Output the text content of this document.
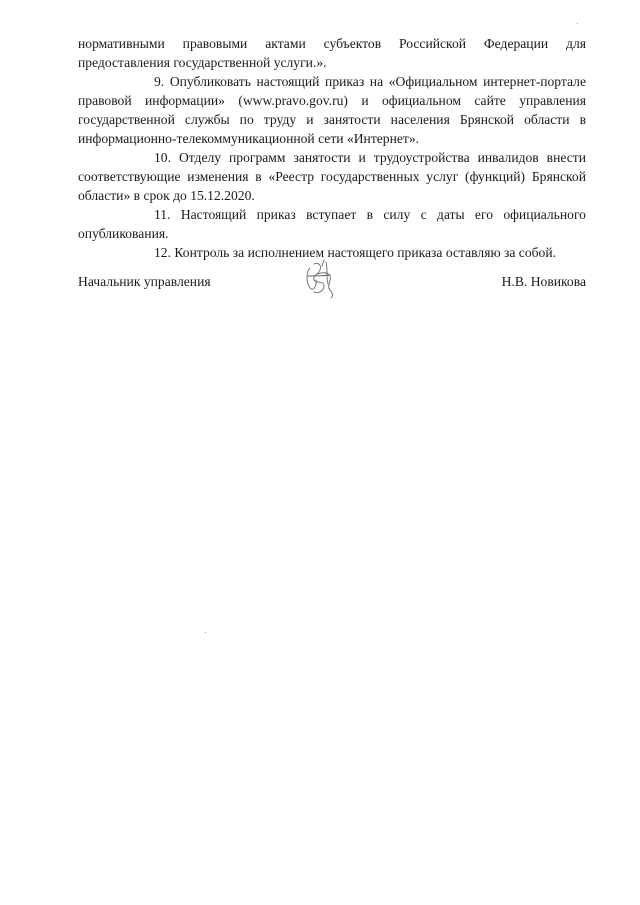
нормативными правовыми актами субъектов Российской Федерации для предоставления государственной услуги.».

9. Опубликовать настоящий приказ на «Официальном интернет-портале правовой информации» (www.pravo.gov.ru) и официальном сайте управления государственной службы по труду и занятости населения Брянской области в информационно-телекоммуникационной сети «Интернет».

10. Отделу программ занятости и трудоустройства инвалидов внести соответствующие изменения в «Реестр государственных услуг (функций) Брянской области» в срок до 15.12.2020.

11. Настоящий приказ вступает в силу с даты его официального опубликования.

12. Контроль за исполнением настоящего приказа оставляю за собой.

Начальник управления	Н.В. Новикова
